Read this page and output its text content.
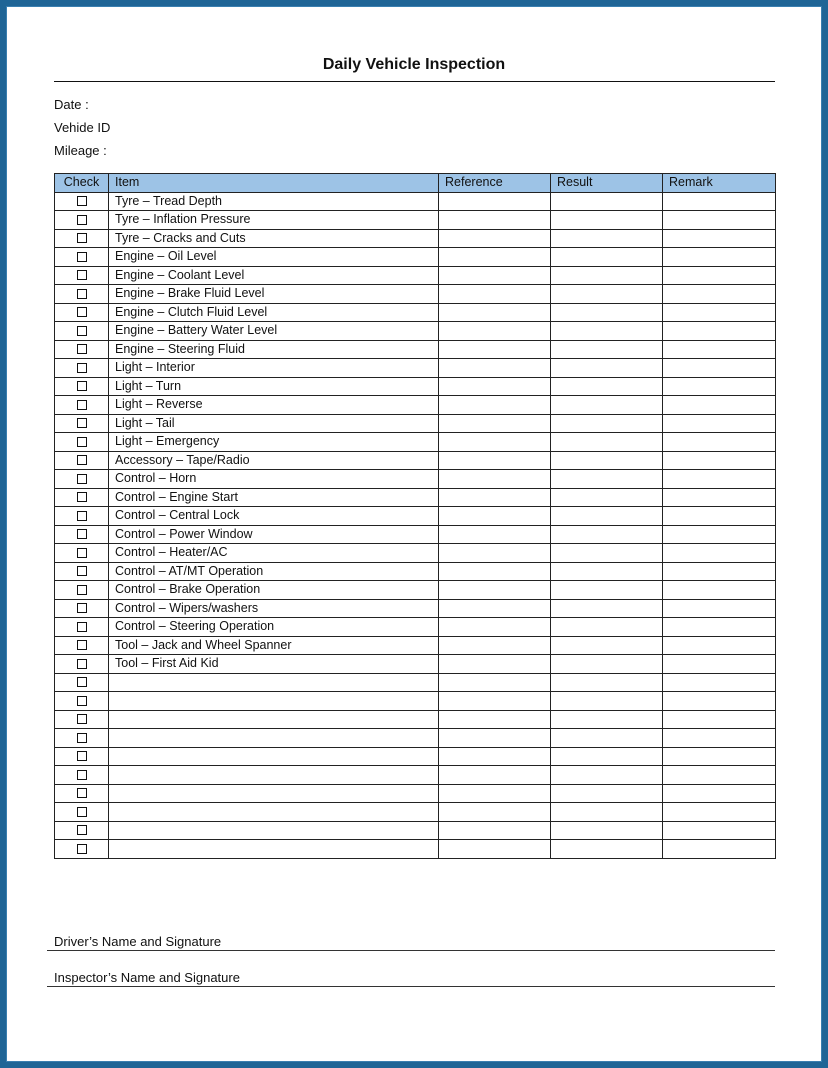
Daily Vehicle Inspection
Date :
Vehide ID
Mileage :
Check	Item	Reference	Result	Remark
	Tyre – Tread Depth			
	Tyre – Inflation Pressure			
	Tyre – Cracks and Cuts			
	Engine – Oil Level			
	Engine – Coolant Level			
	Engine – Brake Fluid Level			
	Engine – Clutch Fluid Level			
	Engine – Battery Water Level			
	Engine – Steering Fluid			
	Light – Interior			
	Light – Turn			
	Light – Reverse			
	Light – Tail			
	Light – Emergency			
	Accessory – Tape/Radio			
	Control – Horn			
	Control – Engine Start			
	Control – Central Lock			
	Control – Power Window			
	Control – Heater/AC			
	Control – AT/MT Operation			
	Control – Brake Operation			
	Control – Wipers/washers			
	Control – Steering Operation			
	Tool – Jack and Wheel Spanner			
	Tool – First Aid Kid			

Driver’s Name and Signature
Inspector’s Name and Signature
